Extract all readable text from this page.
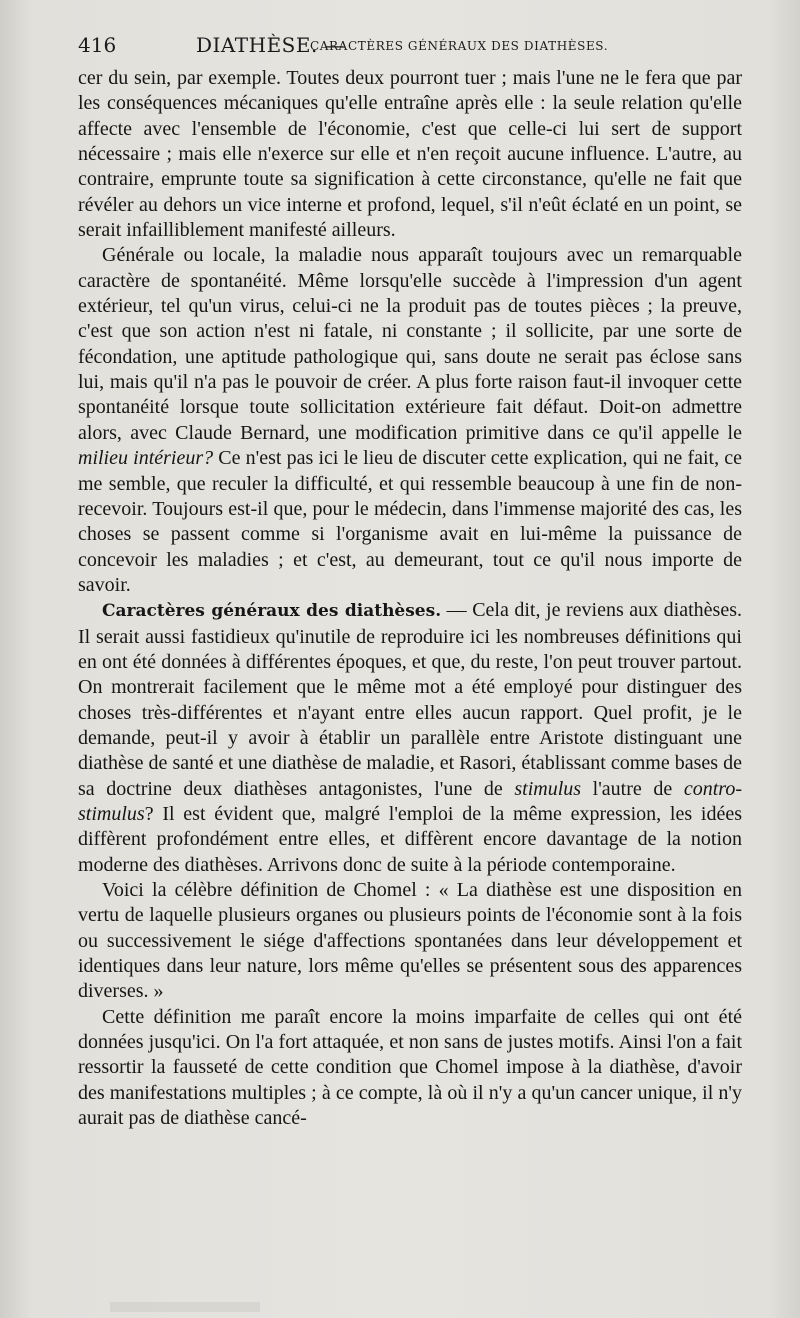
416	DIATHÈSE. —
CARACTÈRES GÉNÉRAUX DES DIATHÈSES.

cer du sein, par exemple. Toutes deux pourront tuer ; mais l'une ne le fera que par les conséquences mécaniques qu'elle entraîne après elle : la seule relation qu'elle affecte avec l'ensemble de l'économie, c'est que celle-ci lui sert de support nécessaire ; mais elle n'exerce sur elle et n'en reçoit aucune influence. L'autre, au contraire, emprunte toute sa signification à cette circonstance, qu'elle ne fait que révéler au dehors un vice interne et profond, lequel, s'il n'eût éclaté en un point, se serait infailliblement manifesté ailleurs.

Générale ou locale, la maladie nous apparaît toujours avec un remarquable caractère de spontanéité. Même lorsqu'elle succède à l'impression d'un agent extérieur, tel qu'un virus, celui-ci ne la produit pas de toutes pièces ; la preuve, c'est que son action n'est ni fatale, ni constante ; il sollicite, par une sorte de fécondation, une aptitude pathologique qui, sans doute ne serait pas éclose sans lui, mais qu'il n'a pas le pouvoir de créer. A plus forte raison faut-il invoquer cette spontanéité lorsque toute sollicitation extérieure fait défaut. Doit-on admettre alors, avec Claude Bernard, une modification primitive dans ce qu'il appelle le milieu intérieur? Ce n'est pas ici le lieu de discuter cette explication, qui ne fait, ce me semble, que reculer la difficulté, et qui ressemble beaucoup à une fin de non-recevoir. Toujours est-il que, pour le médecin, dans l'immense majorité des cas, les choses se passent comme si l'organisme avait en lui-même la puissance de concevoir les maladies ; et c'est, au demeurant, tout ce qu'il nous importe de savoir.

Caractères généraux des diathèses. — Cela dit, je reviens aux diathèses. Il serait aussi fastidieux qu'inutile de reproduire ici les nombreuses définitions qui en ont été données à différentes époques, et que, du reste, l'on peut trouver partout. On montrerait facilement que le même mot a été employé pour distinguer des choses très-différentes et n'ayant entre elles aucun rapport. Quel profit, je le demande, peut-il y avoir à établir un parallèle entre Aristote distinguant une diathèse de santé et une diathèse de maladie, et Rasori, établissant comme bases de sa doctrine deux diathèses antagonistes, l'une de stimulus l'autre de contro-stimulus? Il est évident que, malgré l'emploi de la même expression, les idées diffèrent profondément entre elles, et diffèrent encore davantage de la notion moderne des diathèses. Arrivons donc de suite à la période contemporaine.

Voici la célèbre définition de Chomel : « La diathèse est une disposition en vertu de laquelle plusieurs organes ou plusieurs points de l'économie sont à la fois ou successivement le siége d'affections spontanées dans leur développement et identiques dans leur nature, lors même qu'elles se présentent sous des apparences diverses. »

Cette définition me paraît encore la moins imparfaite de celles qui ont été données jusqu'ici. On l'a fort attaquée, et non sans de justes motifs. Ainsi l'on a fait ressortir la fausseté de cette condition que Chomel impose à la diathèse, d'avoir des manifestations multiples ; à ce compte, là où il n'y a qu'un cancer unique, il n'y aurait pas de diathèse cancé-
